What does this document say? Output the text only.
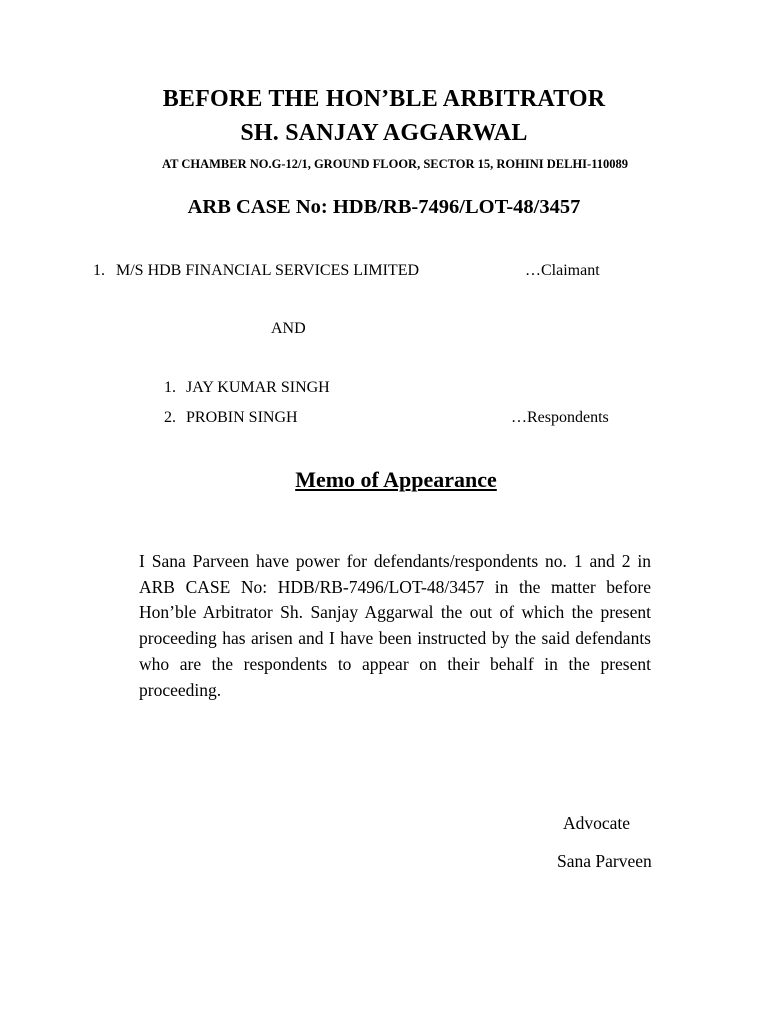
BEFORE THE HON’BLE ARBITRATOR
SH. SANJAY AGGARWAL
AT CHAMBER NO.G-12/1, GROUND FLOOR, SECTOR 15, ROHINI DELHI-110089
ARB CASE No: HDB/RB-7496/LOT-48/3457
1. M/S HDB FINANCIAL SERVICES LIMITED	…Claimant
AND
1. JAY KUMAR SINGH
2. PROBIN SINGH	…Respondents
Memo of Appearance
I Sana Parveen have power for defendants/respondents no. 1 and 2 in ARB CASE No: HDB/RB-7496/LOT-48/3457 in the matter before Hon’ble Arbitrator Sh. Sanjay Aggarwal the out of which the present proceeding has arisen and I have been instructed by the said defendants who are the respondents to appear on their behalf in the present proceeding.
Advocate
Sana Parveen
